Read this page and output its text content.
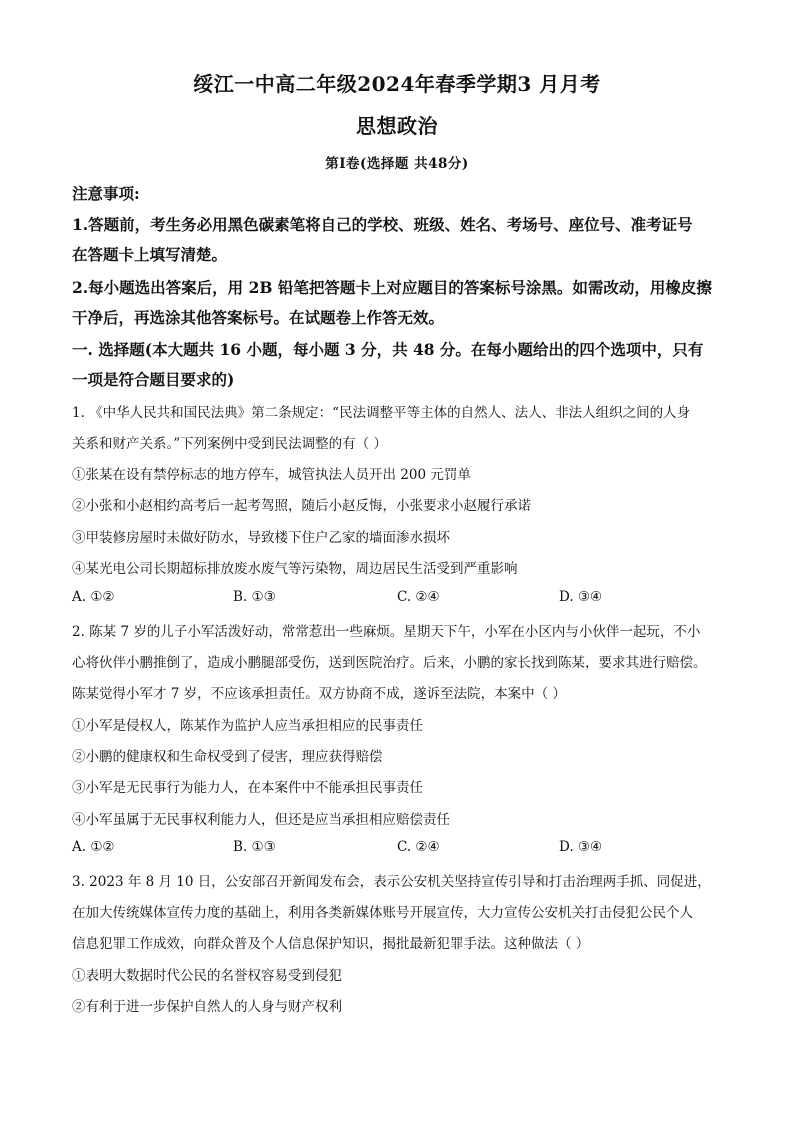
绥江一中高二年级2024年春季学期3 月月考
思想政治
第Ⅰ卷(选择题 共48分)
注意事项:
1.答题前，考生务必用黑色碳素笔将自己的学校、班级、姓名、考场号、座位号、准考证号
在答题卡上填写清楚。
2.每小题选出答案后，用 2B 铅笔把答题卡上对应题目的答案标号涂黑。如需改动，用橡皮擦
干净后，再选涂其他答案标号。在试题卷上作答无效。
一. 选择题(本大题共 16 小题，每小题 3 分，共 48 分。在每小题给出的四个选项中，只有
一项是符合题目要求的)
1. 《中华人民共和国民法典》第二条规定：“民法调整平等主体的自然人、法人、非法人组织之间的人身
关系和财产关系。”下列案例中受到民法调整的有（ ）
①张某在设有禁停标志的地方停车，城管执法人员开出 200 元罚单
②小张和小赵相约高考后一起考驾照，随后小赵反悔，小张要求小赵履行承诺
③甲装修房屋时未做好防水，导致楼下住户乙家的墙面渗水损坏
④某光电公司长期超标排放废水废气等污染物，周边居民生活受到严重影响
A. ①②	B. ①③	C. ②④	D. ③④
2. 陈某 7 岁的儿子小军活泼好动，常常惹出一些麻烦。星期天下午，小军在小区内与小伙伴一起玩，不小
心将伙伴小鹏推倒了，造成小鹏腿部受伤，送到医院治疗。后来，小鹏的家长找到陈某，要求其进行赔偿。
陈某觉得小军才 7 岁，不应该承担责任。双方协商不成，遂诉至法院，本案中（ ）
①小军是侵权人，陈某作为监护人应当承担相应的民事责任
②小鹏的健康权和生命权受到了侵害，理应获得赔偿
③小军是无民事行为能力人，在本案件中不能承担民事责任
④小军虽属于无民事权利能力人，但还是应当承担相应赔偿责任
A. ①②	B. ①③	C. ②④	D. ③④
3. 2023 年 8 月 10 日，公安部召开新闻发布会，表示公安机关坚持宣传引导和打击治理两手抓、同促进，
在加大传统媒体宣传力度的基础上，利用各类新媒体账号开展宣传，大力宣传公安机关打击侵犯公民个人
信息犯罪工作成效，向群众普及个人信息保护知识，揭批最新犯罪手法。这种做法（ ）
①表明大数据时代公民的名誉权容易受到侵犯
②有利于进一步保护自然人的人身与财产权利
